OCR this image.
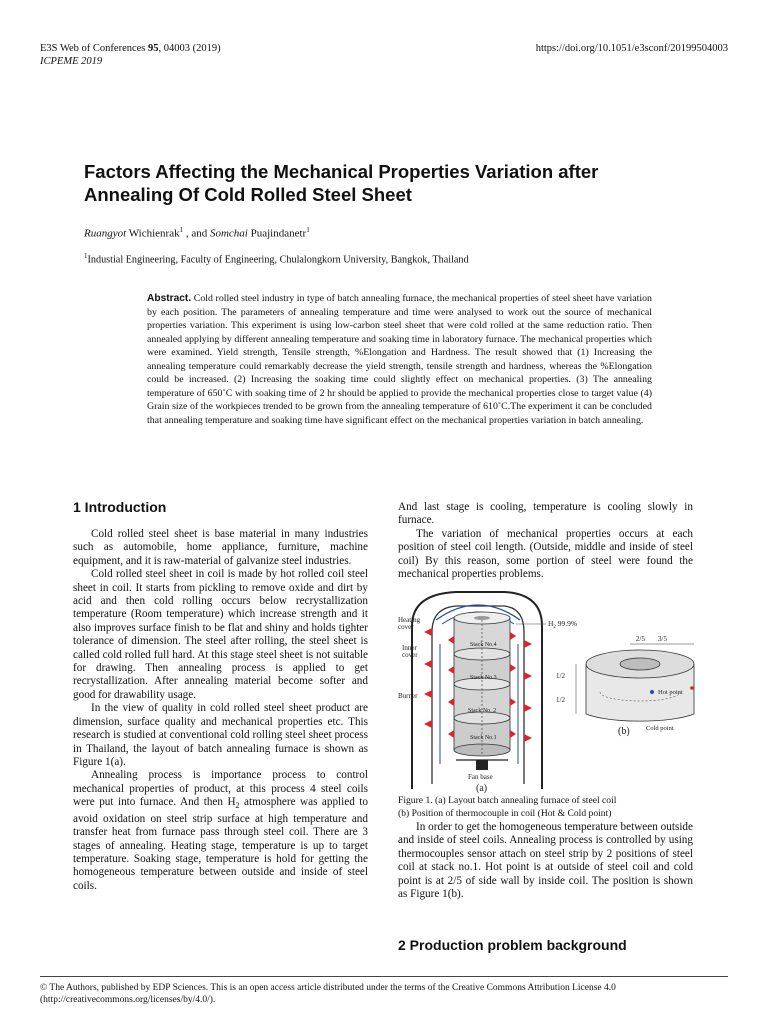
E3S Web of Conferences 95, 04003 (2019)
ICPEME 2019
https://doi.org/10.1051/e3sconf/20199504003
Factors Affecting the Mechanical Properties Variation after
Annealing Of Cold Rolled Steel Sheet
Ruangyot Wichienrak$^1$ , and Somchai Puajindanetr$^1$
$^1$Industial Engineering, Faculty of Engineering, Chulalongkorn University, Bangkok, Thailand
Abstract. Cold rolled steel industry in type of batch annealing furnace, the mechanical properties of steel sheet have variation by each position. The parameters of annealing temperature and time were analysed to work out the source of mechanical properties variation. This experiment is using low-carbon steel sheet that were cold rolled at the same reduction ratio. Then annealed applying by different annealing temperature and soaking time in laboratory furnace. The mechanical properties which were examined. Yield strength, Tensile strength, %Elongation and Hardness. The result showed that (1) Increasing the annealing temperature could remarkably decrease the yield strength, tensile strength and hardness, whereas the %Elongation could be increased. (2) Increasing the soaking time could slightly effect on mechanical properties. (3) The annealing temperature of 650˚C with soaking time of 2 hr should be applied to provide the mechanical properties close to target value (4) Grain size of the workpieces trended to be grown from the annealing temperature of 610˚C.The experiment it can be concluded that annealing temperature and soaking time have significant effect on the mechanical properties variation in batch annealing.
1 Introduction

Cold rolled steel sheet is base material in many industries such as automobile, home appliance, furniture, machine equipment, and it is raw-material of galvanize steel industries.

Cold rolled steel sheet in coil is made by hot rolled coil steel sheet in coil. It starts from pickling to remove oxide and dirt by acid and then cold rolling occurs below recrystallization temperature (Room temperature) which increase strength and it also improves surface finish to be flat and shiny and holds tighter tolerance of dimension. The steel after rolling, the steel sheet is called cold rolled full hard. At this stage steel sheet is not suitable for drawing. Then annealing process is applied to get recrystallization. After annealing material become softer and good for drawability usage.

In the view of quality in cold rolled steel sheet product are dimension, surface quality and mechanical properties etc. This research is studied at conventional cold rolling steel sheet process in Thailand, the layout of batch annealing furnace is shown as Figure 1(a).

Annealing process is importance process to control mechanical properties of product, at this process 4 steel coils were put into furnace. And then $H_2$ atmosphere was applied to avoid oxidation on steel strip surface at high temperature and transfer heat from furnace pass through steel coil. There are 3 stages of annealing. Heating stage, temperature is up to target temperature. Soaking stage, temperature is hold for getting the homogeneous temperature between outside and inside of steel coils.

And last stage is cooling, temperature is cooling slowly in furnace.

The variation of mechanical properties occurs at each position of steel coil length. (Outside, middle and inside of steel coil) By this reason, some portion of steel were found the mechanical properties problems.

Heating
cover
Inner
cover
Burner
$H_2$ 99.9%
Stack No.4
Stack No.3
Stack No. 2
Stack No.1
Fan base
(a)
2/5 3/5
1/2
1/2
Hot point
Cold point
(b)
Figure 1. (a) Layout batch annealing furnace of steel coil
(b) Position of thermocouple in coil (Hot & Cold point)

In order to get the homogeneous temperature between outside and inside of steel coils. Annealing process is controlled by using thermocouples sensor attach on steel strip by 2 positions of steel coil at stack no.1. Hot point is at outside of steel coil and cold point is at 2/5 of side wall by inside coil. The position is shown as Figure 1(b).

2 Production problem background
© The Authors, published by EDP Sciences. This is an open access article distributed under the terms of the Creative Commons Attribution License 4.0
(http://creativecommons.org/licenses/by/4.0/).
